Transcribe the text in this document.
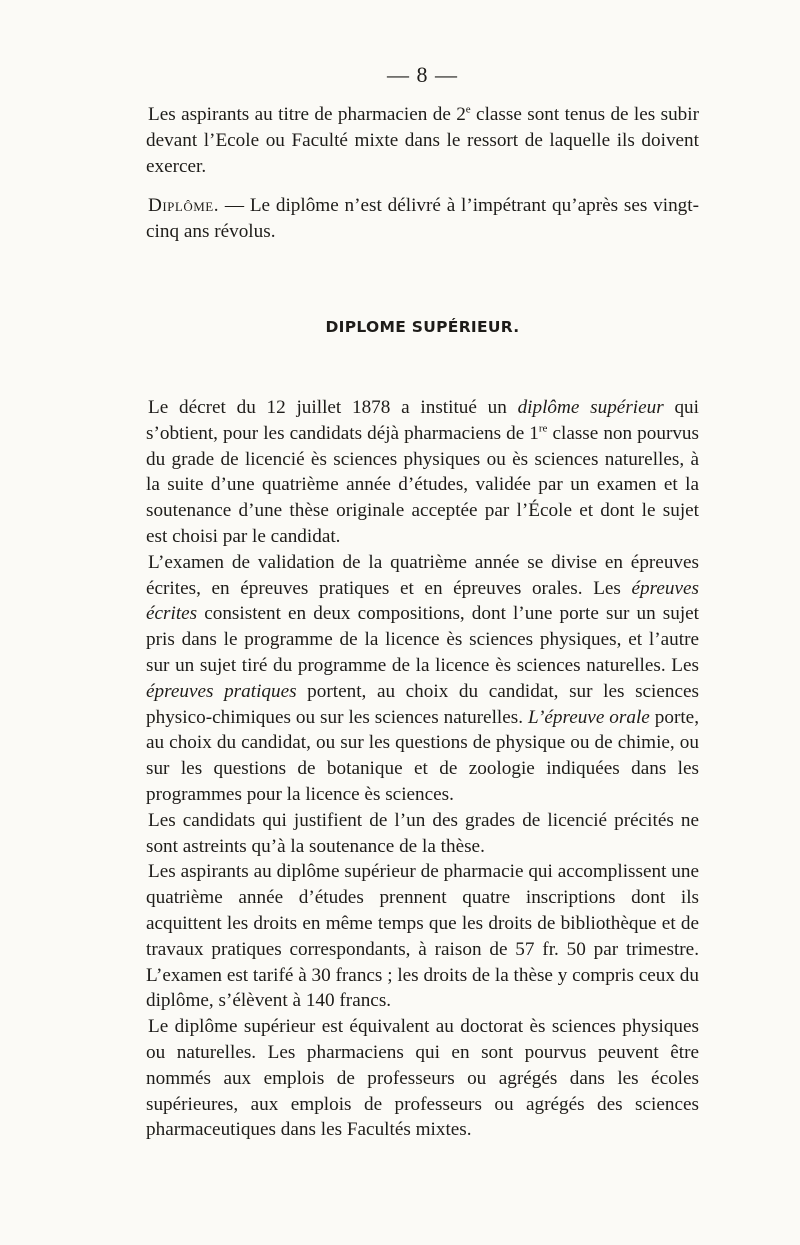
— 8 —

Les aspirants au titre de pharmacien de 2e classe sont tenus de les subir devant l’Ecole ou Faculté mixte dans le ressort de laquelle ils doivent exercer.

Diplôme. — Le diplôme n’est délivré à l’impétrant qu’après ses vingt-cinq ans révolus.

DIPLOME SUPÉRIEUR.

Le décret du 12 juillet 1878 a institué un diplôme supérieur qui s’obtient, pour les candidats déjà pharmaciens de 1re classe non pourvus du grade de licencié ès sciences physiques ou ès sciences naturelles, à la suite d’une quatrième année d’études, validée par un examen et la soutenance d’une thèse originale acceptée par l’École et dont le sujet est choisi par le candidat.

L’examen de validation de la quatrième année se divise en épreuves écrites, en épreuves pratiques et en épreuves orales. Les épreuves écrites consistent en deux compositions, dont l’une porte sur un sujet pris dans le programme de la licence ès sciences physiques, et l’autre sur un sujet tiré du programme de la licence ès sciences naturelles. Les épreuves pratiques portent, au choix du candidat, sur les sciences physico-chimiques ou sur les sciences naturelles. L’épreuve orale porte, au choix du candidat, ou sur les questions de physique ou de chimie, ou sur les questions de botanique et de zoologie indiquées dans les programmes pour la licence ès sciences.

Les candidats qui justifient de l’un des grades de licencié précités ne sont astreints qu’à la soutenance de la thèse.

Les aspirants au diplôme supérieur de pharmacie qui accomplissent une quatrième année d’études prennent quatre inscriptions dont ils acquittent les droits en même temps que les droits de bibliothèque et de travaux pratiques correspondants, à raison de 57 fr. 50 par trimestre. L’examen est tarifé à 30 francs ; les droits de la thèse y compris ceux du diplôme, s’élèvent à 140 francs.

Le diplôme supérieur est équivalent au doctorat ès sciences physiques ou naturelles. Les pharmaciens qui en sont pourvus peuvent être nommés aux emplois de professeurs ou agrégés dans les écoles supérieures, aux emplois de professeurs ou agrégés des sciences pharmaceutiques dans les Facultés mixtes.
